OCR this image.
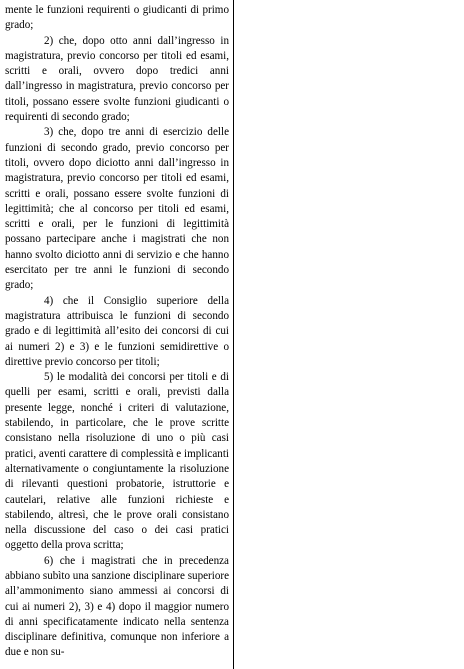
mente le funzioni requirenti o giudicanti di primo grado;

2) che, dopo otto anni dall’ingresso in magistratura, previo concorso per titoli ed esami, scritti e orali, ovvero dopo tredici anni dall’ingresso in magistratura, previo concorso per titoli, possano essere svolte funzioni giudicanti o requirenti di secondo grado;

3) che, dopo tre anni di esercizio delle funzioni di secondo grado, previo concorso per titoli, ovvero dopo diciotto anni dall’ingresso in magistratura, previo concorso per titoli ed esami, scritti e orali, possano essere svolte funzioni di legittimità; che al concorso per titoli ed esami, scritti e orali, per le funzioni di legittimità possano partecipare anche i magistrati che non hanno svolto diciotto anni di servizio e che hanno esercitato per tre anni le funzioni di secondo grado;

4) che il Consiglio superiore della magistratura attribuisca le funzioni di secondo grado e di legittimità all’esito dei concorsi di cui ai numeri 2) e 3) e le funzioni semidirettive o direttive previo concorso per titoli;

5) le modalità dei concorsi per titoli e di quelli per esami, scritti e orali, previsti dalla presente legge, nonché i criteri di valutazione, stabilendo, in particolare, che le prove scritte consistano nella risoluzione di uno o più casi pratici, aventi carattere di complessità e implicanti alternativamente o congiuntamente la risoluzione di rilevanti questioni probatorie, istruttorie e cautelari, relative alle funzioni richieste e stabilendo, altresì, che le prove orali consistano nella discussione del caso o dei casi pratici oggetto della prova scritta;

6) che i magistrati che in precedenza abbiano subìto una sanzione disciplinare superiore all’ammonimento siano ammessi ai concorsi di cui ai numeri 2), 3) e 4) dopo il maggior numero di anni specificatamente indicato nella sentenza disciplinare definitiva, comunque non inferiore a due e non su-
